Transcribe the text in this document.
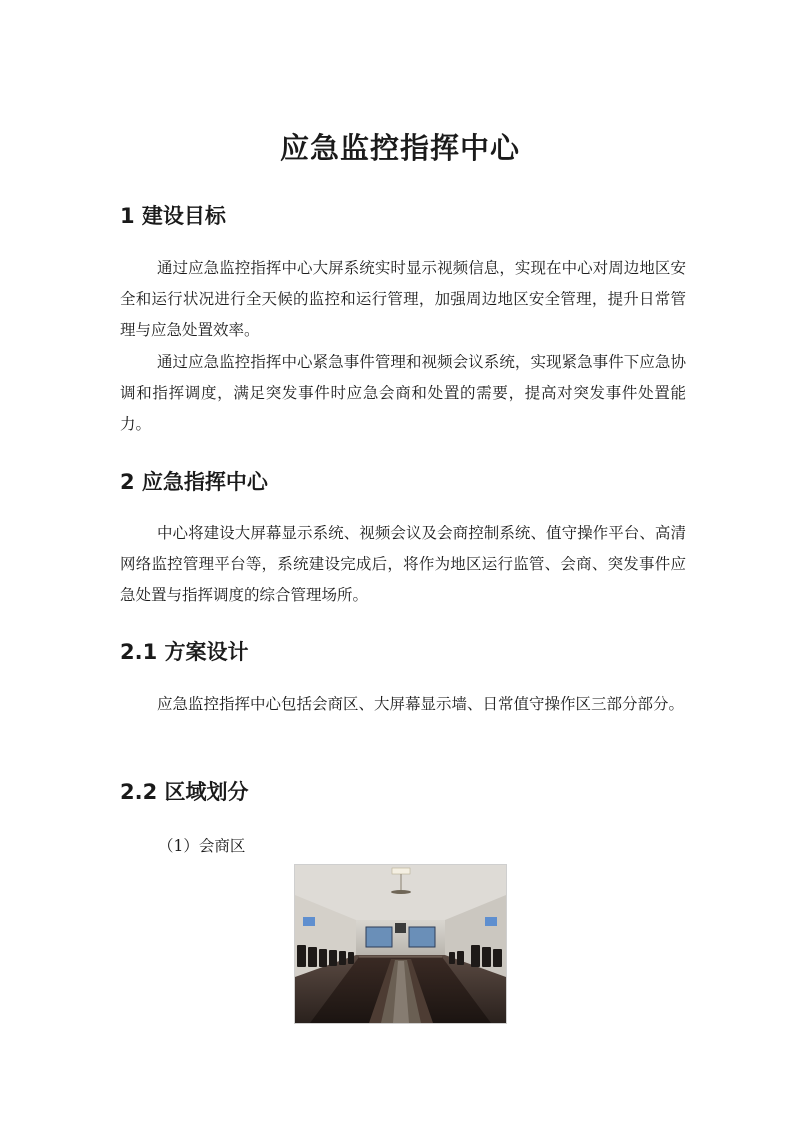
应急监控指挥中心
1 建设目标
通过应急监控指挥中心大屏系统实时显示视频信息，实现在中心对周边地区安全和运行状况进行全天候的监控和运行管理，加强周边地区安全管理，提升日常管理与应急处置效率。
通过应急监控指挥中心紧急事件管理和视频会议系统，实现紧急事件下应急协调和指挥调度，满足突发事件时应急会商和处置的需要，提高对突发事件处置能力。
2 应急指挥中心
中心将建设大屏幕显示系统、视频会议及会商控制系统、值守操作平台、高清网络监控管理平台等，系统建设完成后，将作为地区运行监管、会商、突发事件应急处置与指挥调度的综合管理场所。
2.1 方案设计
应急监控指挥中心包括会商区、大屏幕显示墙、日常值守操作区三部分部分。
2.2 区域划分
（1）会商区
